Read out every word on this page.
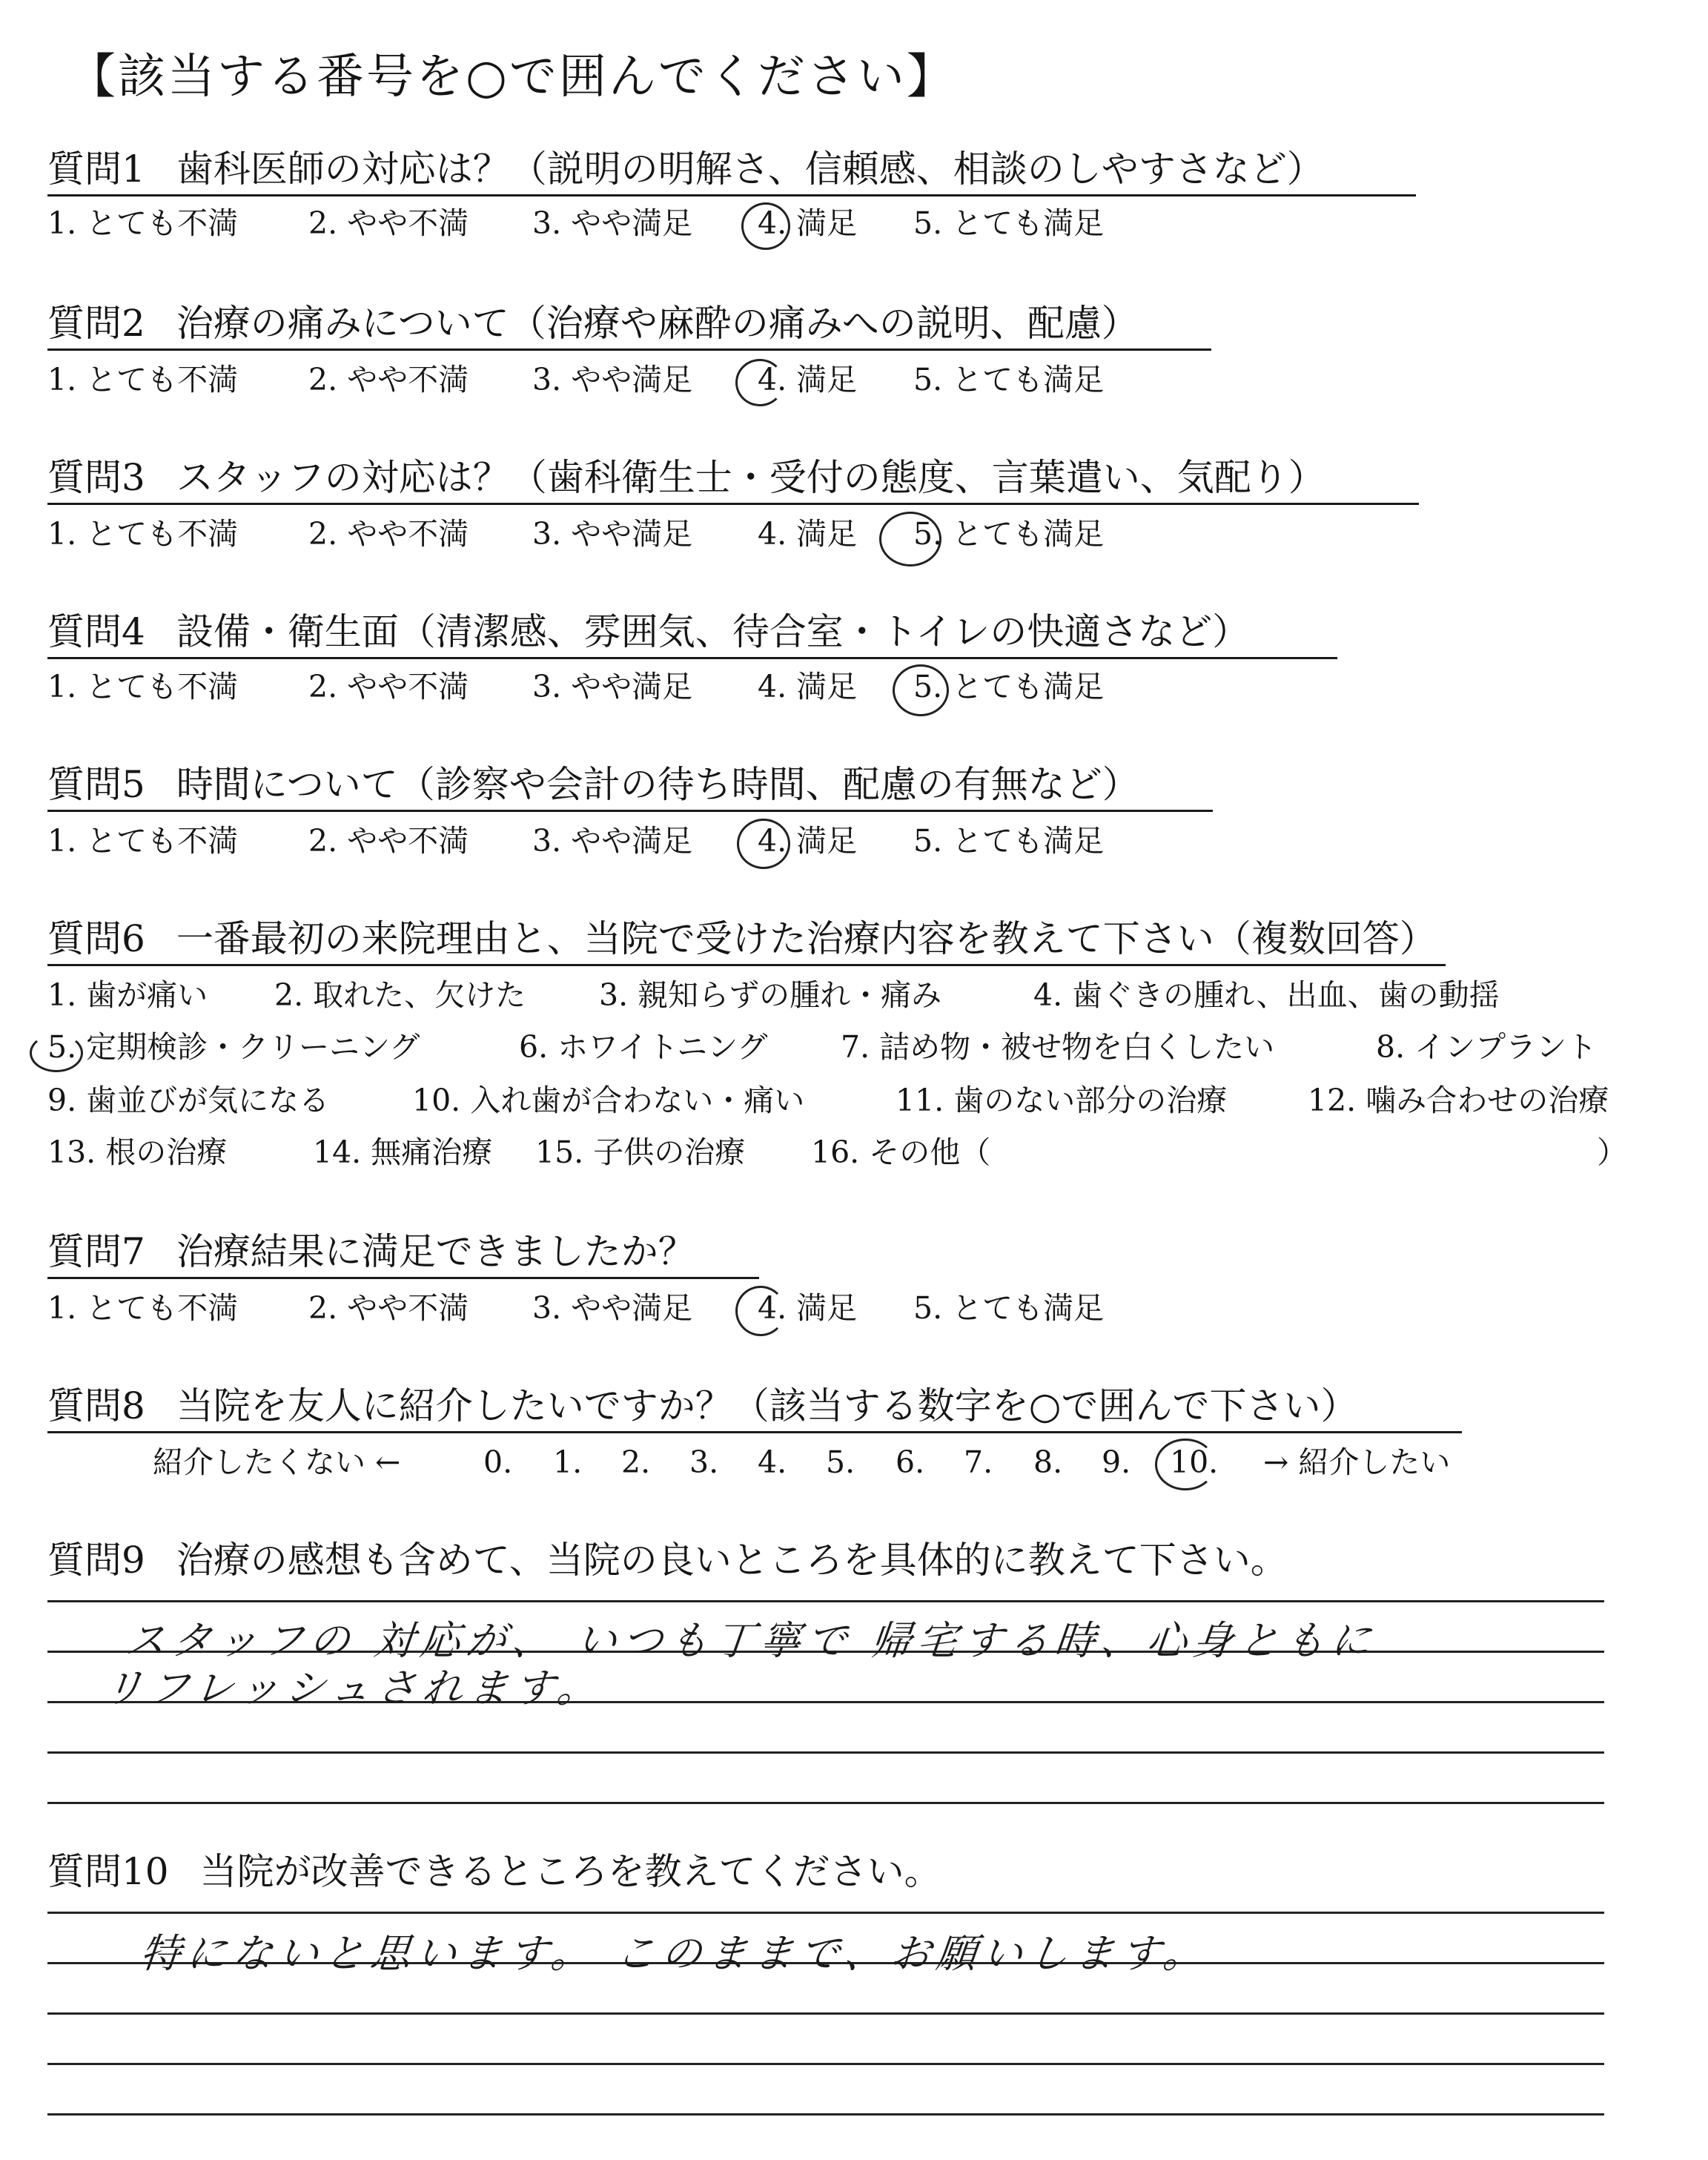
【該当する番号を○で囲んでください】
質問1 歯科医師の対応は？（説明の明解さ、信頼感、相談のしやすさなど）
1. とても不満 2. やや不満 3. やや満足 4. 満足 5. とても満足
質問2 治療の痛みについて（治療や麻酔の痛みへの説明、配慮）
1. とても不満 2. やや不満 3. やや満足 4. 満足 5. とても満足
質問3 スタッフの対応は？（歯科衛生士・受付の態度、言葉遣い、気配り）
1. とても不満 2. やや不満 3. やや満足 4. 満足 5. とても満足
質問4 設備・衛生面（清潔感、雰囲気、待合室・トイレの快適さなど）
1. とても不満 2. やや不満 3. やや満足 4. 満足 5. とても満足
質問5 時間について（診察や会計の待ち時間、配慮の有無など）
1. とても不満 2. やや不満 3. やや満足 4. 満足 5. とても満足
質問6 一番最初の来院理由と、当院で受けた治療内容を教えて下さい（複数回答）
1. 歯が痛い 2. 取れた、欠けた 3. 親知らずの腫れ・痛み	4. 歯ぐきの腫れ、出血、歯の動揺
5. 定期検診・クリーニング	6. ホワイトニング 7. 詰め物・被せ物を白くしたい	8. インプラント
9. 歯並びが気になる	10. 入れ歯が合わない・痛い	11. 歯のない部分の治療	12. 噛み合わせの治療
13. 根の治療	14. 無痛治療 15. 子供の治療 16. その他（	）
質問7 治療結果に満足できましたか？
1. とても不満 2. やや不満 3. やや満足 4. 満足 5. とても満足
質問8 当院を友人に紹介したいですか？（該当する数字を○で囲んで下さい）
紹介したくない ←	0. 1. 2. 3. 4. 5. 6. 7. 8. 9. 10. → 紹介したい
質問9 治療の感想も含めて、当院の良いところを具体的に教えて下さい。
スタッフの 対応が、 いつも丁寧で 帰宅する時、心身ともに
リフレッシュされます。
質問10 当院が改善できるところを教えてください。
特にないと思います。 このままで、お願いします。
